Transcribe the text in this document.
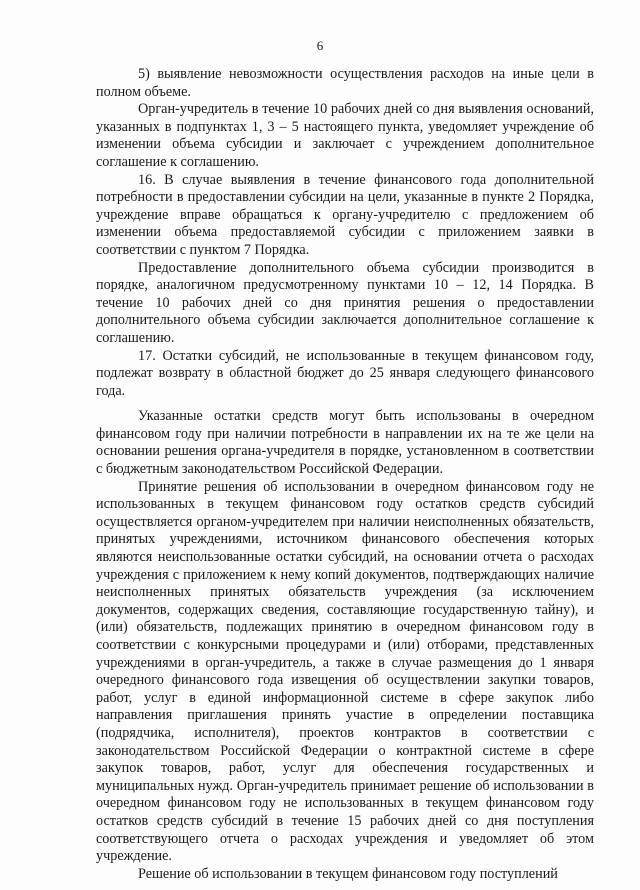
6

5) выявление невозможности осуществления расходов на иные цели в полном объеме.

Орган-учредитель в течение 10 рабочих дней со дня выявления оснований, указанных в подпунктах 1, 3 – 5 настоящего пункта, уведомляет учреждение об изменении объема субсидии и заключает с учреждением дополнительное соглашение к соглашению.

16. В случае выявления в течение финансового года дополнительной потребности в предоставлении субсидии на цели, указанные в пункте 2 Порядка, учреждение вправе обращаться к органу-учредителю с предложением об изменении объема предоставляемой субсидии с приложением заявки в соответствии с пунктом 7 Порядка.

Предоставление дополнительного объема субсидии производится в порядке, аналогичном предусмотренному пунктами 10 – 12, 14 Порядка. В течение 10 рабочих дней со дня принятия решения о предоставлении дополнительного объема субсидии заключается дополнительное соглашение к соглашению.

17. Остатки субсидий, не использованные в текущем финансовом году, подлежат возврату в областной бюджет до 25 января следующего финансового года.

Указанные остатки средств могут быть использованы в очередном финансовом году при наличии потребности в направлении их на те же цели на основании решения органа-учредителя в порядке, установленном в соответствии с бюджетным законодательством Российской Федерации.

Принятие решения об использовании в очередном финансовом году не использованных в текущем финансовом году остатков средств субсидий осуществляется органом-учредителем при наличии неисполненных обязательств, принятых учреждениями, источником финансового обеспечения которых являются неиспользованные остатки субсидий, на основании отчета о расходах учреждения с приложением к нему копий документов, подтверждающих наличие неисполненных принятых обязательств учреждения (за исключением документов, содержащих сведения, составляющие государственную тайну), и (или) обязательств, подлежащих принятию в очередном финансовом году в соответствии с конкурсными процедурами и (или) отборами, представленных учреждениями в орган-учредитель, а также в случае размещения до 1 января очередного финансового года извещения об осуществлении закупки товаров, работ, услуг в единой информационной системе в сфере закупок либо направления приглашения принять участие в определении поставщика (подрядчика, исполнителя), проектов контрактов в соответствии с законодательством Российской Федерации о контрактной системе в сфере закупок товаров, работ, услуг для обеспечения государственных и муниципальных нужд. Орган-учредитель принимает решение об использовании в очередном финансовом году не использованных в текущем финансовом году остатков средств субсидий в течение 15 рабочих дней со дня поступления соответствующего отчета о расходах учреждения и уведомляет об этом учреждение.

Решение об использовании в текущем финансовом году поступлений
